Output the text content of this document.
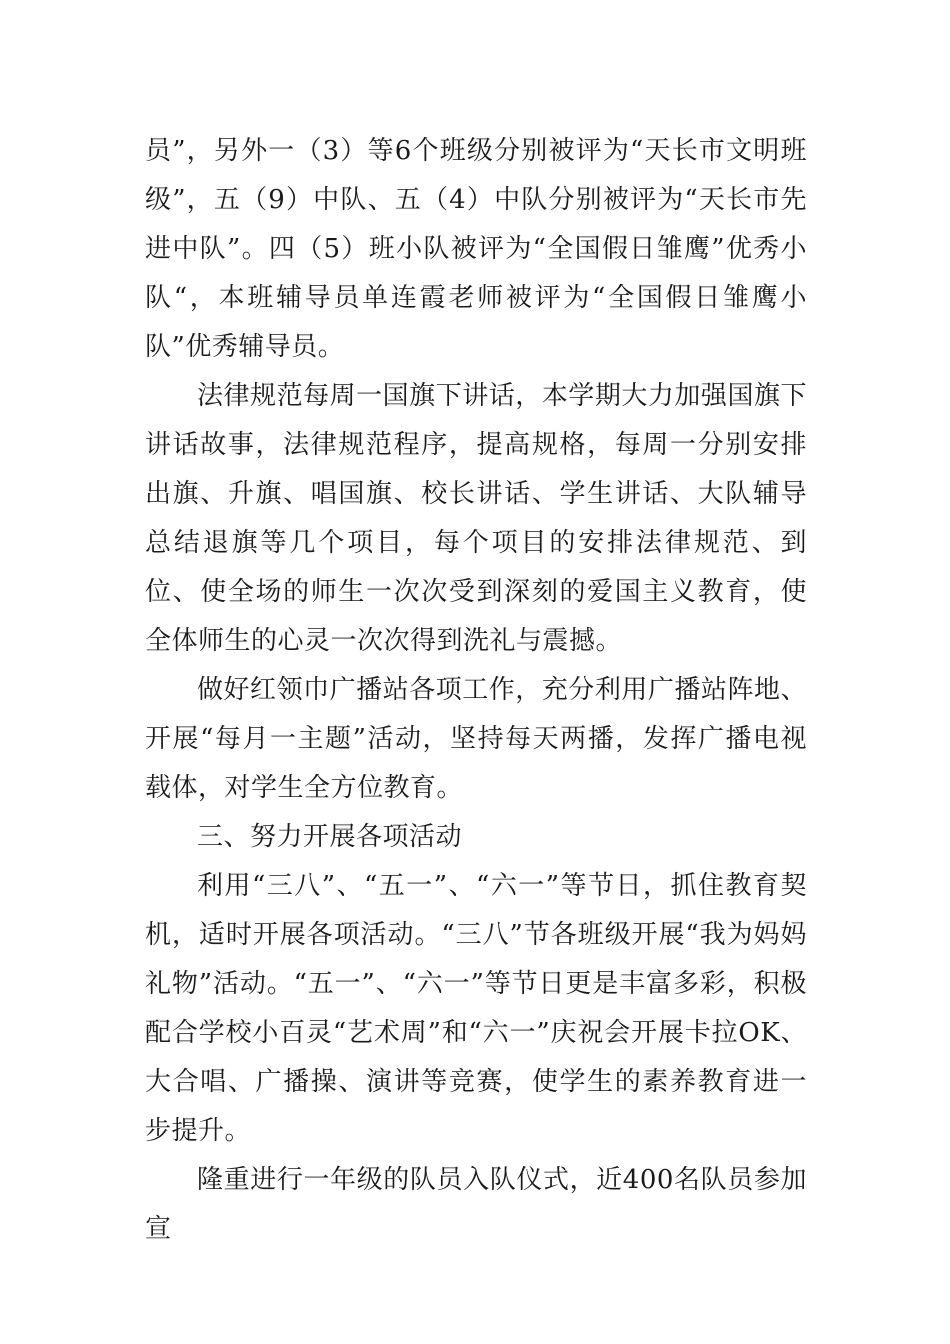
员”，另外一（3）等6个班级分别被评为“天长市文明班级”，五（9）中队、五（4）中队分别被评为“天长市先进中队”。四（5）班小队被评为“全国假日雏鹰”优秀小队“，本班辅导员单连霞老师被评为“全国假日雏鹰小队”优秀辅导员。

法律规范每周一国旗下讲话，本学期大力加强国旗下讲话故事，法律规范程序，提高规格，每周一分别安排出旗、升旗、唱国旗、校长讲话、学生讲话、大队辅导总结退旗等几个项目，每个项目的安排法律规范、到位、使全场的师生一次次受到深刻的爱国主义教育，使全体师生的心灵一次次得到洗礼与震撼。

做好红领巾广播站各项工作，充分利用广播站阵地、开展“每月一主题”活动，坚持每天两播，发挥广播电视载体，对学生全方位教育。

三、努力开展各项活动

利用“三八”、“五一”、“六一”等节日，抓住教育契机，适时开展各项活动。“三八”节各班级开展“我为妈妈礼物”活动。“五一”、“六一”等节日更是丰富多彩，积极配合学校小百灵“艺术周”和“六一”庆祝会开展卡拉OK、大合唱、广播操、演讲等竞赛，使学生的素养教育进一步提升。

隆重进行一年级的队员入队仪式，近400名队员参加宣
